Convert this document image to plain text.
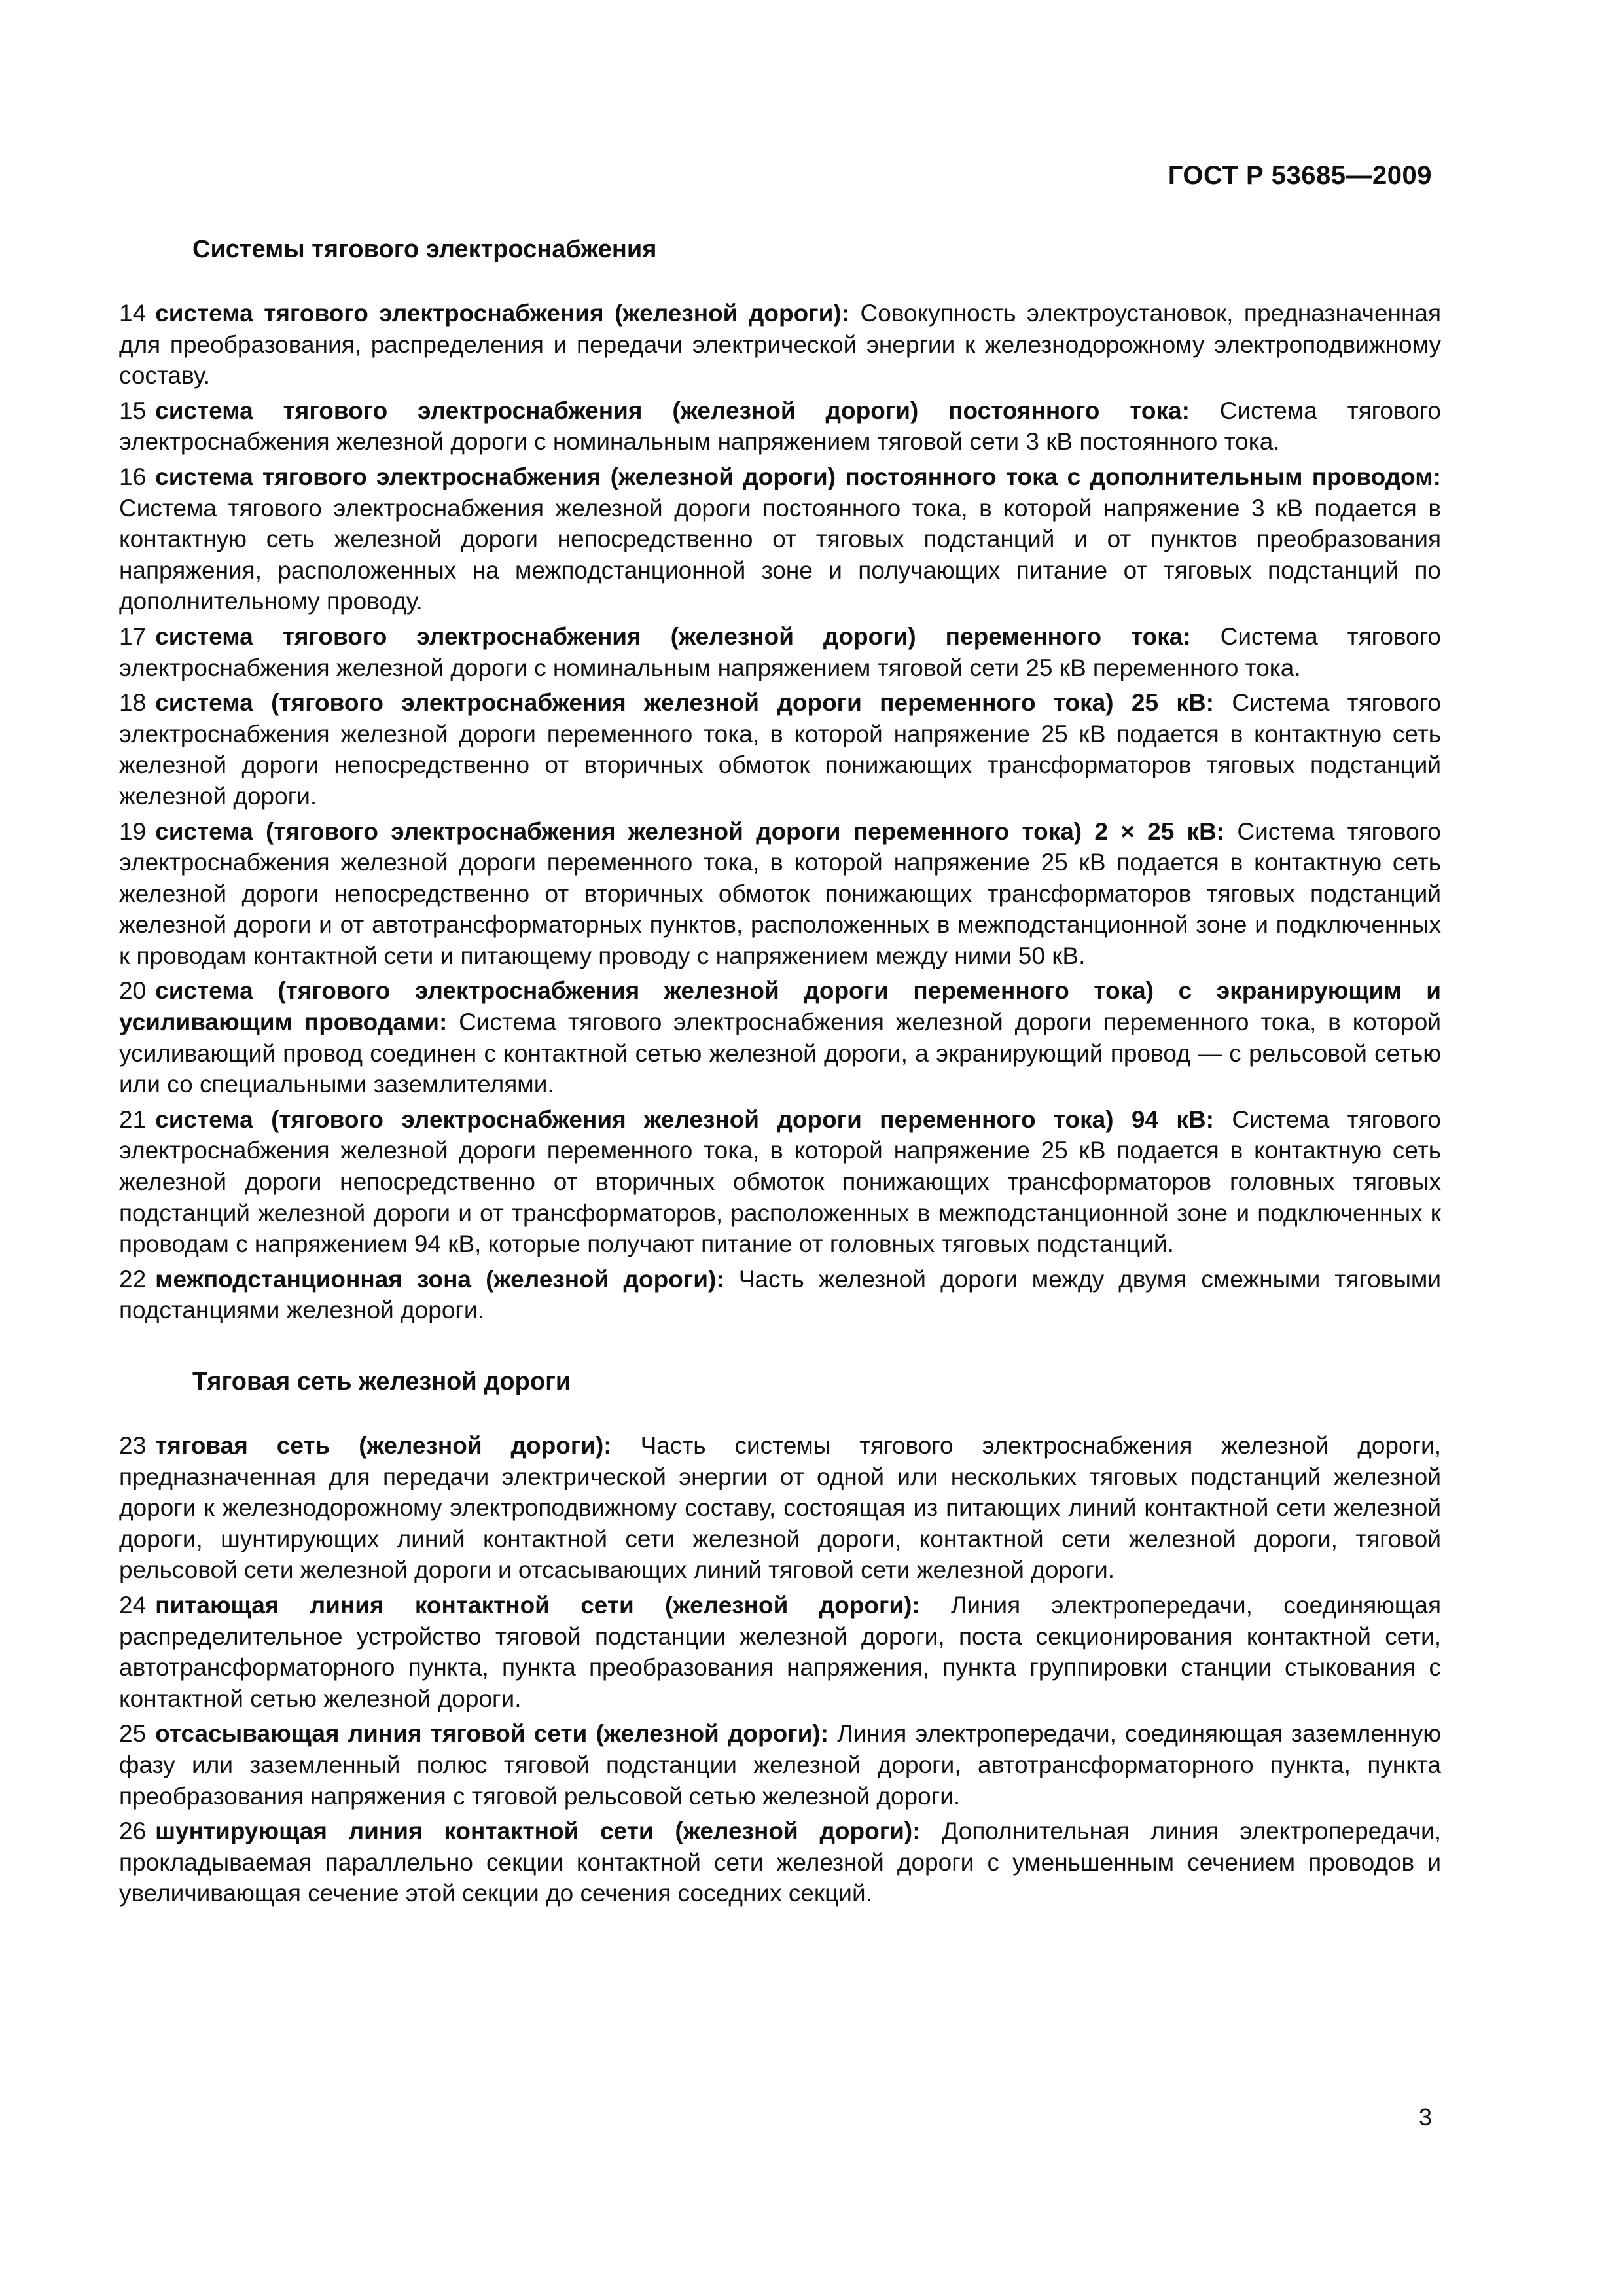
ГОСТ Р 53685—2009
Системы тягового электроснабжения

14 система тягового электроснабжения (железной дороги): Совокупность электроустановок, предназначенная для преобразования, распределения и передачи электрической энергии к железнодорожному электроподвижному составу.

15 система тягового электроснабжения (железной дороги) постоянного тока: Система тягового электроснабжения железной дороги с номинальным напряжением тяговой сети 3 кВ постоянного тока.

16 система тягового электроснабжения (железной дороги) постоянного тока с дополнительным проводом: Система тягового электроснабжения железной дороги постоянного тока, в которой напряжение 3 кВ подается в контактную сеть железной дороги непосредственно от тяговых подстанций и от пунктов преобразования напряжения, расположенных на межподстанционной зоне и получающих питание от тяговых подстанций по дополнительному проводу.

17 система тягового электроснабжения (железной дороги) переменного тока: Система тягового электроснабжения железной дороги с номинальным напряжением тяговой сети 25 кВ переменного тока.

18 система (тягового электроснабжения железной дороги переменного тока) 25 кВ: Система тягового электроснабжения железной дороги переменного тока, в которой напряжение 25 кВ подается в контактную сеть железной дороги непосредственно от вторичных обмоток понижающих трансформаторов тяговых подстанций железной дороги.

19 система (тягового электроснабжения железной дороги переменного тока) 2 × 25 кВ: Система тягового электроснабжения железной дороги переменного тока, в которой напряжение 25 кВ подается в контактную сеть железной дороги непосредственно от вторичных обмоток понижающих трансформаторов тяговых подстанций железной дороги и от автотрансформаторных пунктов, расположенных в межподстанционной зоне и подключенных к проводам контактной сети и питающему проводу с напряжением между ними 50 кВ.

20 система (тягового электроснабжения железной дороги переменного тока) с экранирующим и усиливающим проводами: Система тягового электроснабжения железной дороги переменного тока, в которой усиливающий провод соединен с контактной сетью железной дороги, а экранирующий провод — с рельсовой сетью или со специальными заземлителями.

21 система (тягового электроснабжения железной дороги переменного тока) 94 кВ: Система тягового электроснабжения железной дороги переменного тока, в которой напряжение 25 кВ подается в контактную сеть железной дороги непосредственно от вторичных обмоток понижающих трансформаторов головных тяговых подстанций железной дороги и от трансформаторов, расположенных в межподстанционной зоне и подключенных к проводам с напряжением 94 кВ, которые получают питание от головных тяговых подстанций.

22 межподстанционная зона (железной дороги): Часть железной дороги между двумя смежными тяговыми подстанциями железной дороги.

Тяговая сеть железной дороги

23 тяговая сеть (железной дороги): Часть системы тягового электроснабжения железной дороги, предназначенная для передачи электрической энергии от одной или нескольких тяговых подстанций железной дороги к железнодорожному электроподвижному составу, состоящая из питающих линий контактной сети железной дороги, шунтирующих линий контактной сети железной дороги, контактной сети железной дороги, тяговой рельсовой сети железной дороги и отсасывающих линий тяговой сети железной дороги.

24 питающая линия контактной сети (железной дороги): Линия электропередачи, соединяющая распределительное устройство тяговой подстанции железной дороги, поста секционирования контактной сети, автотрансформаторного пункта, пункта преобразования напряжения, пункта группировки станции стыкования с контактной сетью железной дороги.

25 отсасывающая линия тяговой сети (железной дороги): Линия электропередачи, соединяющая заземленную фазу или заземленный полюс тяговой подстанции железной дороги, автотрансформаторного пункта, пункта преобразования напряжения с тяговой рельсовой сетью железной дороги.

26 шунтирующая линия контактной сети (железной дороги): Дополнительная линия электропередачи, прокладываемая параллельно секции контактной сети железной дороги с уменьшенным сечением проводов и увеличивающая сечение этой секции до сечения соседних секций.

3
